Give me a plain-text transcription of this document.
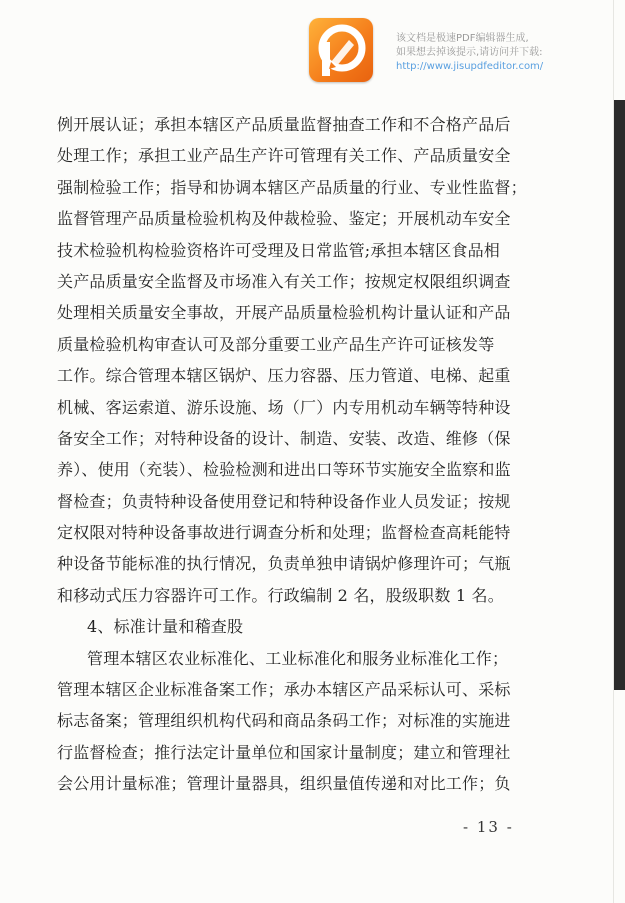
该文档是极速PDF编辑器生成,
如果想去掉该提示,请访问并下载:
http://www.jisupdfeditor.com/
例开展认证；承担本辖区产品质量监督抽查工作和不合格产品后
处理工作；承担工业产品生产许可管理有关工作、产品质量安全
强制检验工作；指导和协调本辖区产品质量的行业、专业性监督；
监督管理产品质量检验机构及仲裁检验、鉴定；开展机动车安全
技术检验机构检验资格许可受理及日常监管;承担本辖区食品相
关产品质量安全监督及市场准入有关工作；按规定权限组织调查
处理相关质量安全事故，开展产品质量检验机构计量认证和产品
质量检验机构审查认可及部分重要工业产品生产许可证核发等
工作。综合管理本辖区锅炉、压力容器、压力管道、电梯、起重
机械、客运索道、游乐设施、场（厂）内专用机动车辆等特种设
备安全工作；对特种设备的设计、制造、安装、改造、维修（保
养）、使用（充装）、检验检测和进出口等环节实施安全监察和监
督检查；负责特种设备使用登记和特种设备作业人员发证；按规
定权限对特种设备事故进行调查分析和处理；监督检查高耗能特
种设备节能标准的执行情况，负责单独申请锅炉修理许可；气瓶
和移动式压力容器许可工作。行政编制 2 名，股级职数 1 名。
4、标准计量和稽查股
管理本辖区农业标准化、工业标准化和服务业标准化工作；
管理本辖区企业标准备案工作；承办本辖区产品采标认可、采标
标志备案；管理组织机构代码和商品条码工作；对标准的实施进
行监督检查；推行法定计量单位和国家计量制度；建立和管理社
会公用计量标准；管理计量器具，组织量值传递和对比工作；负
- 13 -
